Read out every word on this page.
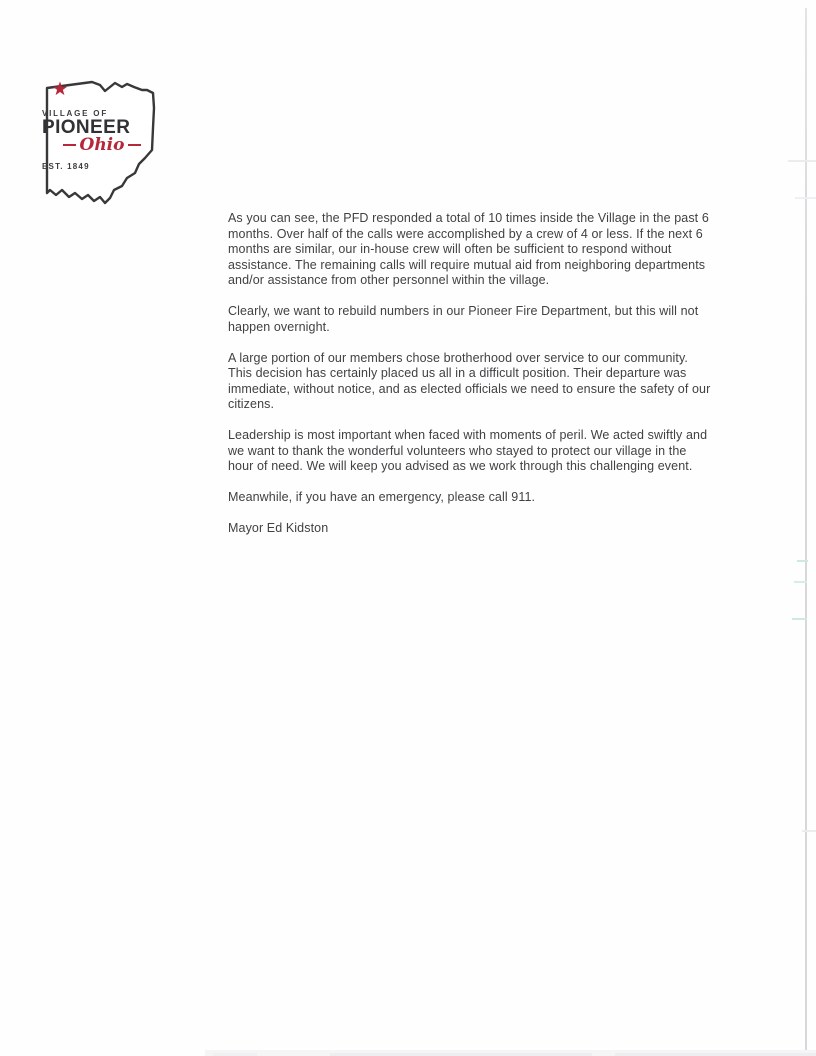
VILLAGE OF
PIONEER
Ohio
EST. 1849

As you can see, the PFD responded a total of 10 times inside the Village in the past 6 months. Over half of the calls were accomplished by a crew of 4 or less. If the next 6 months are similar, our in-house crew will often be sufficient to respond without assistance. The remaining calls will require mutual aid from neighboring departments and/or assistance from other personnel within the village.

Clearly, we want to rebuild numbers in our Pioneer Fire Department, but this will not happen overnight.

A large portion of our members chose brotherhood over service to our community. This decision has certainly placed us all in a difficult position. Their departure was immediate, without notice, and as elected officials we need to ensure the safety of our citizens.

Leadership is most important when faced with moments of peril. We acted swiftly and we want to thank the wonderful volunteers who stayed to protect our village in the hour of need. We will keep you advised as we work through this challenging event.

Meanwhile, if you have an emergency, please call 911.

Mayor Ed Kidston
